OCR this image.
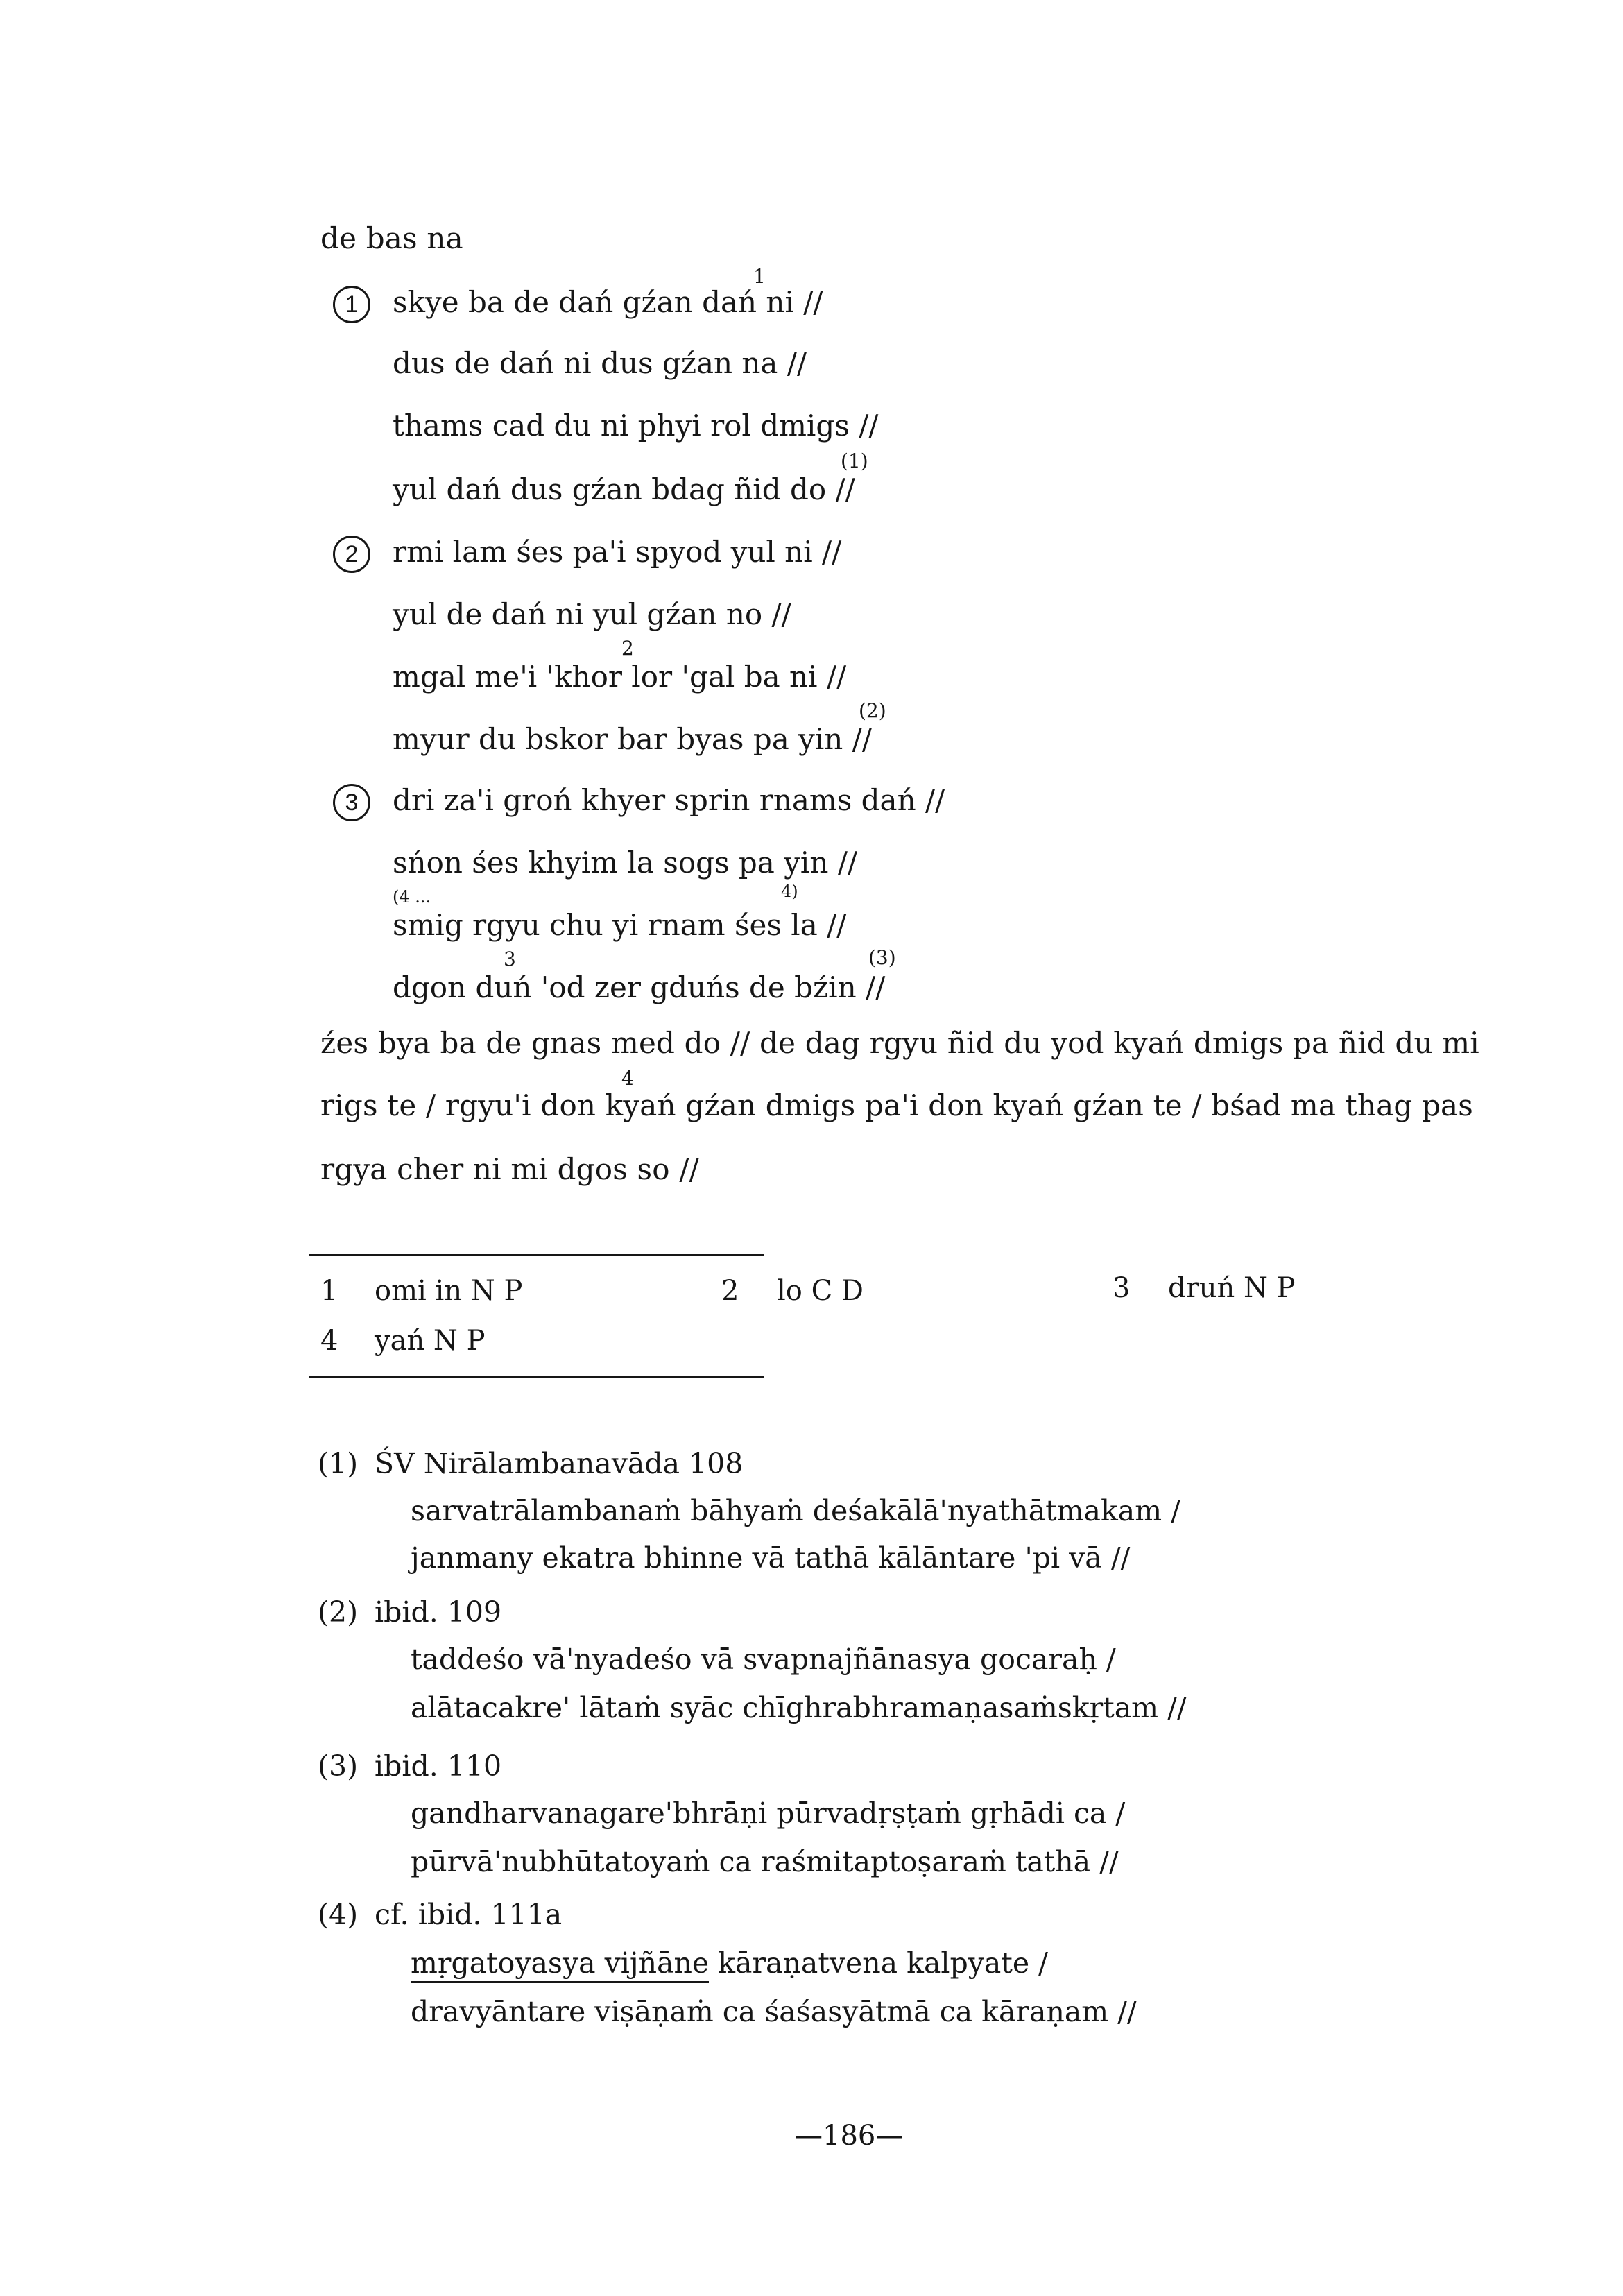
de bas na
1
1
skye ba de dań gźan dań ni //
dus de dań ni dus gźan na //
thams cad du ni phyi rol dmigs //
yul dań dus gźan bdag ñid do //
(1)
2	rmi lam śes pa'i spyod yul ni //
yul de dań ni yul gźan no //
2
mgal me'i 'khor lor 'gal ba ni //
myur du bskor bar byas pa yin //
(2)
3	dri za'i groń khyer sprin rnams dań //
sńon śes khyim la sogs pa yin //
(4 ...	4)
smig rgyu chu yi rnam śes la //
3
dgon duń 'od zer gduńs de bźin //
(3)
źes bya ba de gnas med do // de dag rgyu ñid du yod kyań dmigs pa ñid du mi
4
rigs te / rgyu'i don kyań gźan dmigs pa'i don kyań gźan te / bśad ma thag pas
rgya cher ni mi dgos so //
1 omi in N P	2 lo C D	3 druń N P
4 yań N P
(1) ŚV Nirālambanavāda 108
sarvatrālambanaṁ bāhyaṁ deśakālā'nyathātmakam /
janmany ekatra bhinne vā tathā kālāntare 'pi vā //
(2) ibid. 109
taddeśo vā'nyadeśo vā svapnajñānasya gocaraḥ /
alātacakre' lātaṁ syāc chīghrabhramaṇasaṁskṛtam //
(3) ibid. 110
gandharvanagare'bhrāṇi pūrvadṛṣṭaṁ gṛhādi ca /
pūrvā'nubhūtatoyaṁ ca raśmitaptoṣaraṁ tathā //
(4) cf. ibid. 111a
mṛgatoyasya vijñāne kāraṇatvena kalpyate /
dravyāntare viṣāṇaṁ ca śaśasyātmā ca kāraṇam //
—186—
